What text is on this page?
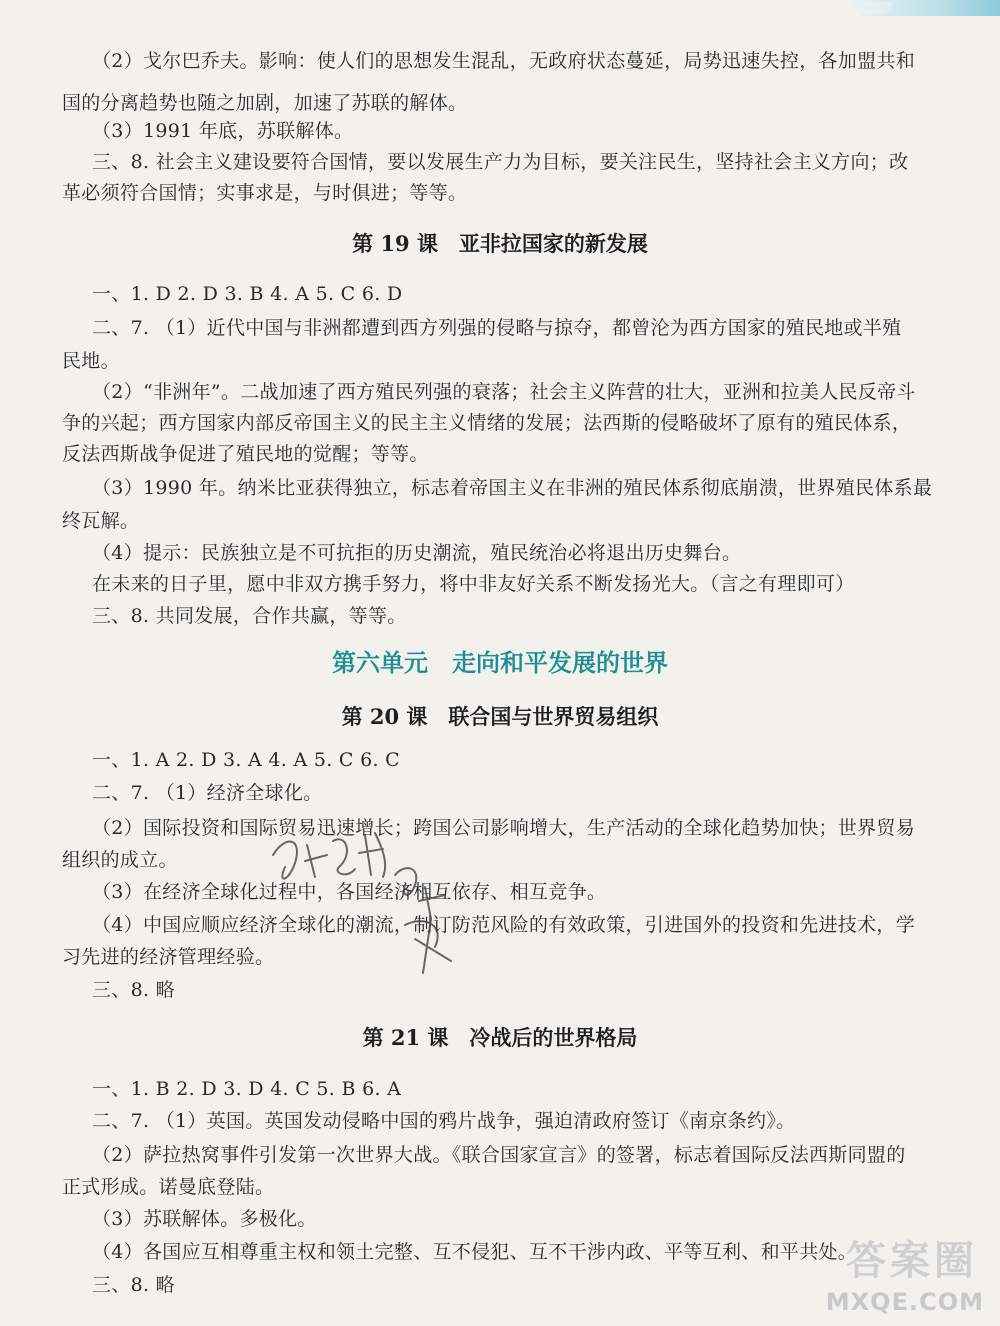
（2）戈尔巴乔夫。影响：使人们的思想发生混乱，无政府状态蔓延，局势迅速失控，各加盟共和
国的分离趋势也随之加剧，加速了苏联的解体。
（3）1991 年底，苏联解体。
三、8. 社会主义建设要符合国情，要以发展生产力为目标，要关注民生，坚持社会主义方向；改
革必须符合国情；实事求是，与时俱进；等等。
第 19 课　亚非拉国家的新发展
一、1. D 2. D 3. B 4. A 5. C 6. D
二、7. （1）近代中国与非洲都遭到西方列强的侵略与掠夺，都曾沦为西方国家的殖民地或半殖
民地。
（2）“非洲年”。二战加速了西方殖民列强的衰落；社会主义阵营的壮大，亚洲和拉美人民反帝斗
争的兴起；西方国家内部反帝国主义的民主主义情绪的发展；法西斯的侵略破坏了原有的殖民体系，
反法西斯战争促进了殖民地的觉醒；等等。
（3）1990 年。纳米比亚获得独立，标志着帝国主义在非洲的殖民体系彻底崩溃，世界殖民体系最
终瓦解。
（4）提示：民族独立是不可抗拒的历史潮流，殖民统治必将退出历史舞台。
在未来的日子里，愿中非双方携手努力，将中非友好关系不断发扬光大。（言之有理即可）
三、8. 共同发展，合作共赢，等等。
第六单元　走向和平发展的世界
第 20 课　联合国与世界贸易组织
一、1. A 2. D 3. A 4. A 5. C 6. C
二、7. （1）经济全球化。
（2）国际投资和国际贸易迅速增长；跨国公司影响增大，生产活动的全球化趋势加快；世界贸易
组织的成立。
（3）在经济全球化过程中，各国经济相互依存、相互竞争。
（4）中国应顺应经济全球化的潮流，制订防范风险的有效政策，引进国外的投资和先进技术，学
习先进的经济管理经验。
三、8. 略
第 21 课　冷战后的世界格局
一、1. B 2. D 3. D 4. C 5. B 6. A
二、7. （1）英国。英国发动侵略中国的鸦片战争，强迫清政府签订《南京条约》。
（2）萨拉热窝事件引发第一次世界大战。《联合国家宣言》的签署，标志着国际反法西斯同盟的
正式形成。诺曼底登陆。
（3）苏联解体。多极化。
（4）各国应互相尊重主权和领土完整、互不侵犯、互不干涉内政、平等互利、和平共处。
三、8. 略
答案圈
MXQE.COM
